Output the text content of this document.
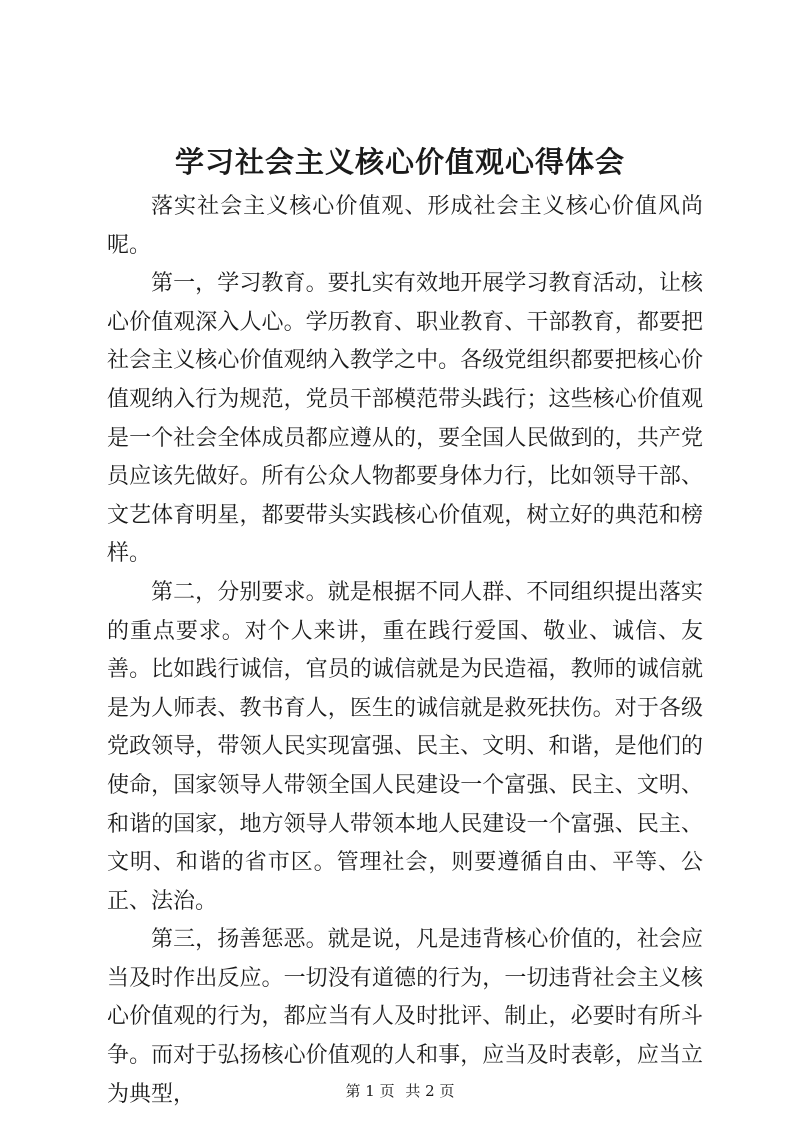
学习社会主义核心价值观心得体会

落实社会主义核心价值观、形成社会主义核心价值风尚呢。

第一，学习教育。要扎实有效地开展学习教育活动，让核心价值观深入人心。学历教育、职业教育、干部教育，都要把社会主义核心价值观纳入教学之中。各级党组织都要把核心价值观纳入行为规范，党员干部模范带头践行；这些核心价值观是一个社会全体成员都应遵从的，要全国人民做到的，共产党员应该先做好。所有公众人物都要身体力行，比如领导干部、文艺体育明星，都要带头实践核心价值观，树立好的典范和榜样。

第二，分别要求。就是根据不同人群、不同组织提出落实的重点要求。对个人来讲，重在践行爱国、敬业、诚信、友善。比如践行诚信，官员的诚信就是为民造福，教师的诚信就是为人师表、教书育人，医生的诚信就是救死扶伤。对于各级党政领导，带领人民实现富强、民主、文明、和谐，是他们的使命，国家领导人带领全国人民建设一个富强、民主、文明、和谐的国家，地方领导人带领本地人民建设一个富强、民主、文明、和谐的省市区。管理社会，则要遵循自由、平等、公正、法治。

第三，扬善惩恶。就是说，凡是违背核心价值的，社会应当及时作出反应。一切没有道德的行为，一切违背社会主义核心价值观的行为，都应当有人及时批评、制止，必要时有所斗争。而对于弘扬核心价值观的人和事，应当及时表彰，应当立为典型，	第 1 页 共 2 页
